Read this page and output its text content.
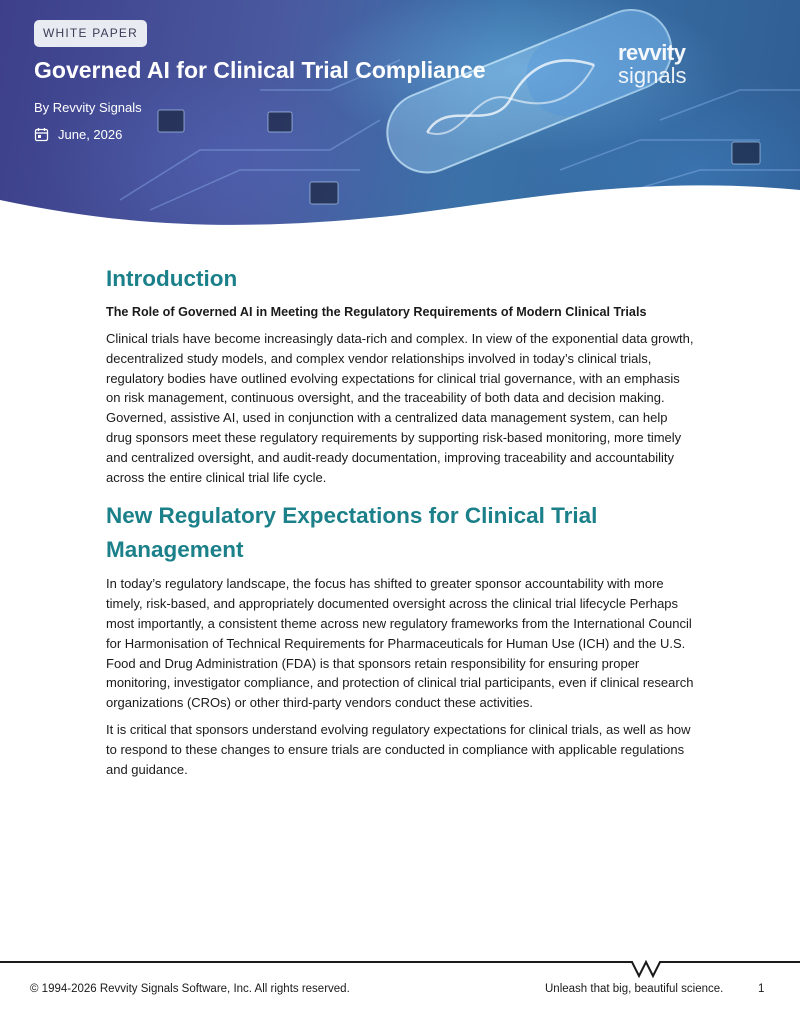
WHITE PAPER
Governed AI for Clinical Trial Compliance
By Revvity Signals
June, 2026
revvity
signals
Introduction
The Role of Governed AI in Meeting the Regulatory Requirements of Modern Clinical Trials

Clinical trials have become increasingly data-rich and complex. In view of the exponential data growth, decentralized study models, and complex vendor relationships involved in today’s clinical trials, regulatory bodies have outlined evolving expectations for clinical trial governance, with an emphasis on risk management, continuous oversight, and the traceability of both data and decision making. Governed, assistive AI, used in conjunction with a centralized data management system, can help drug sponsors meet these regulatory requirements by supporting risk-based monitoring, more timely and centralized oversight, and audit-ready documentation, improving traceability and accountability across the entire clinical trial life cycle.

New Regulatory Expectations for Clinical Trial
Management

In today’s regulatory landscape, the focus has shifted to greater sponsor accountability with more timely, risk-based, and appropriately documented oversight across the clinical trial lifecycle Perhaps most importantly, a consistent theme across new regulatory frameworks from the International Council for Harmonisation of Technical Requirements for Pharmaceuticals for Human Use (ICH) and the U.S. Food and Drug Administration (FDA) is that sponsors retain responsibility for ensuring proper monitoring, investigator compliance, and protection of clinical trial participants, even if clinical research organizations (CROs) or other third-party vendors conduct these activities.

It is critical that sponsors understand evolving regulatory expectations for clinical trials, as well as how to respond to these changes to ensure trials are conducted in compliance with applicable regulations and guidance.

© 1994-2026 Revvity Signals Software, Inc. All rights reserved.	Unleash that big, beautiful science.	1
